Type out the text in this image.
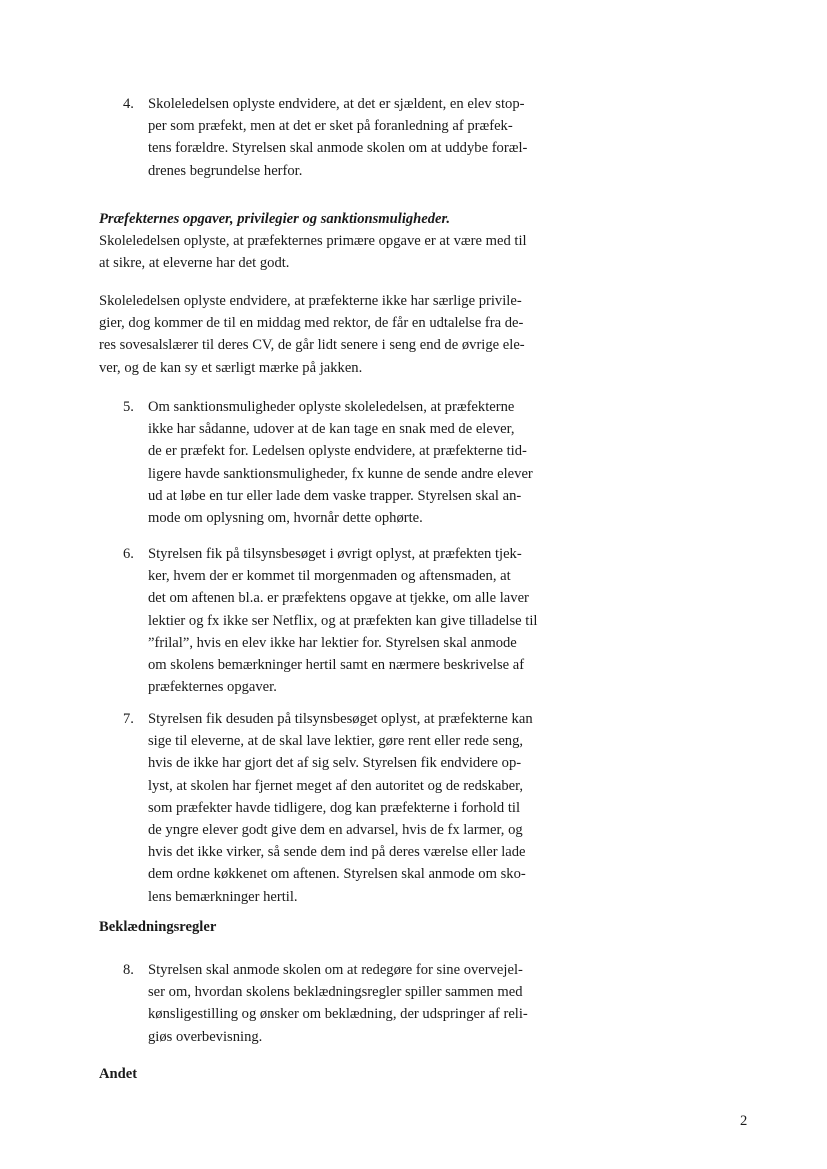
4. Skoleledelsen oplyste endvidere, at det er sjældent, en elev stop-
per som præfekt, men at det er sket på foranledning af præfek-
tens forældre. Styrelsen skal anmode skolen om at uddybe foræl-
drenes begrundelse herfor.
Præfekternes opgaver, privilegier og sanktionsmuligheder.
Skoleledelsen oplyste, at præfekternes primære opgave er at være med til
at sikre, at eleverne har det godt.
Skoleledelsen oplyste endvidere, at præfekterne ikke har særlige privile-
gier, dog kommer de til en middag med rektor, de får en udtalelse fra de-
res sovesalslærer til deres CV, de går lidt senere i seng end de øvrige ele-
ver, og de kan sy et særligt mærke på jakken.
5. Om sanktionsmuligheder oplyste skoleledelsen, at præfekterne
ikke har sådanne, udover at de kan tage en snak med de elever,
de er præfekt for. Ledelsen oplyste endvidere, at præfekterne tid-
ligere havde sanktionsmuligheder, fx kunne de sende andre elever
ud at løbe en tur eller lade dem vaske trapper. Styrelsen skal an-
mode om oplysning om, hvornår dette ophørte.
6. Styrelsen fik på tilsynsbesøget i øvrigt oplyst, at præfekten tjek-
ker, hvem der er kommet til morgenmaden og aftensmaden, at
det om aftenen bl.a. er præfektens opgave at tjekke, om alle laver
lektier og fx ikke ser Netflix, og at præfekten kan give tilladelse til
”frilal”, hvis en elev ikke har lektier for. Styrelsen skal anmode
om skolens bemærkninger hertil samt en nærmere beskrivelse af
præfekternes opgaver.
7. Styrelsen fik desuden på tilsynsbesøget oplyst, at præfekterne kan
sige til eleverne, at de skal lave lektier, gøre rent eller rede seng,
hvis de ikke har gjort det af sig selv. Styrelsen fik endvidere op-
lyst, at skolen har fjernet meget af den autoritet og de redskaber,
som præfekter havde tidligere, dog kan præfekterne i forhold til
de yngre elever godt give dem en advarsel, hvis de fx larmer, og
hvis det ikke virker, så sende dem ind på deres værelse eller lade
dem ordne køkkenet om aftenen. Styrelsen skal anmode om sko-
lens bemærkninger hertil.
Beklædningsregler
8. Styrelsen skal anmode skolen om at redegøre for sine overvejel-
ser om, hvordan skolens beklædningsregler spiller sammen med
kønsligestilling og ønsker om beklædning, der udspringer af reli-
giøs overbevisning.
Andet
2
